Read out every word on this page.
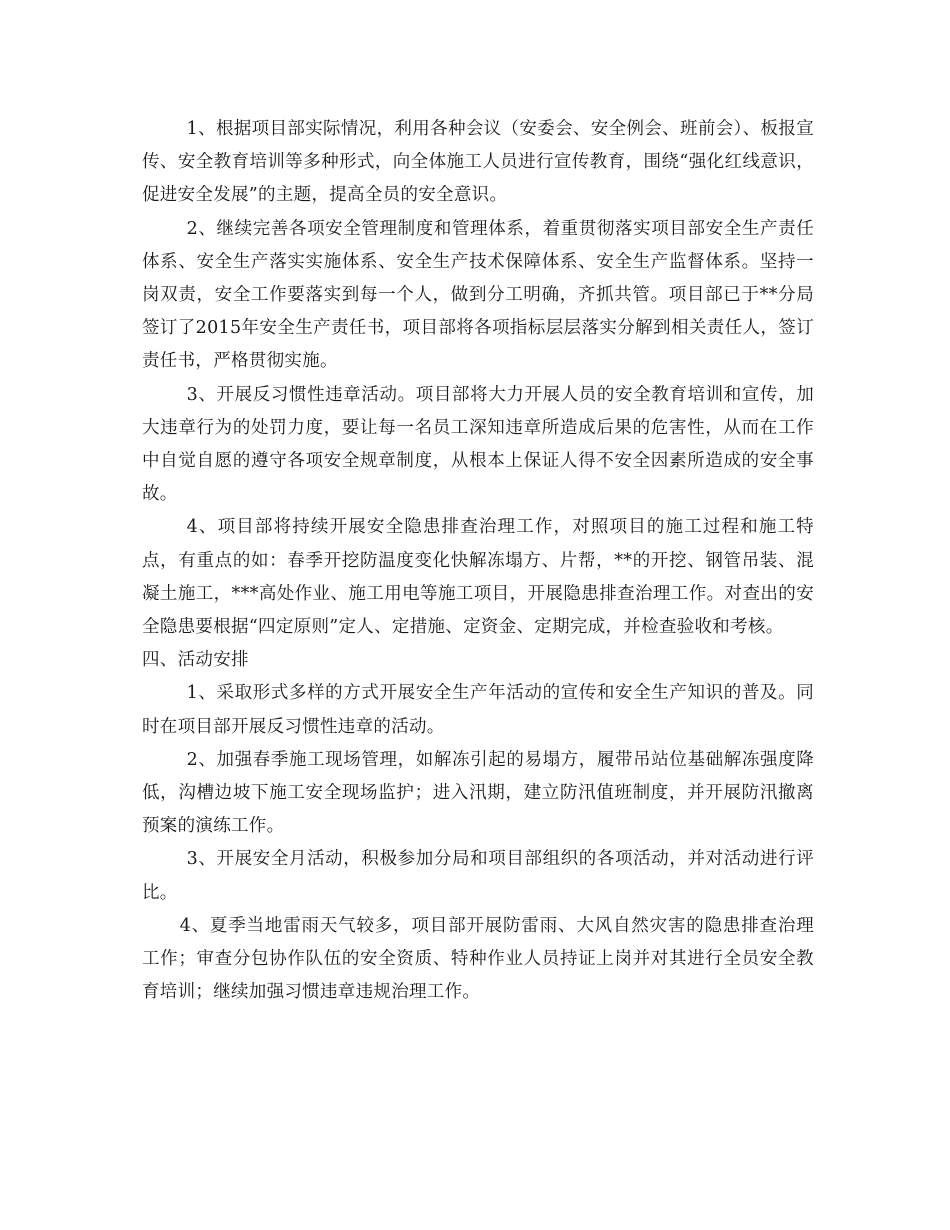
1、根据项目部实际情况，利用各种会议（安委会、安全例会、班前会）、板报宣传、安全教育培训等多种形式，向全体施工人员进行宣传教育，围绕“强化红线意识，促进安全发展”的主题，提高全员的安全意识。

2、继续完善各项安全管理制度和管理体系，着重贯彻落实项目部安全生产责任体系、安全生产落实实施体系、安全生产技术保障体系、安全生产监督体系。坚持一岗双责，安全工作要落实到每一个人，做到分工明确，齐抓共管。项目部已于**分局签订了2015年安全生产责任书，项目部将各项指标层层落实分解到相关责任人，签订责任书，严格贯彻实施。

3、开展反习惯性违章活动。项目部将大力开展人员的安全教育培训和宣传，加大违章行为的处罚力度，要让每一名员工深知违章所造成后果的危害性，从而在工作中自觉自愿的遵守各项安全规章制度，从根本上保证人得不安全因素所造成的安全事故。

4、项目部将持续开展安全隐患排查治理工作，对照项目的施工过程和施工特点，有重点的如：春季开挖防温度变化快解冻塌方、片帮，**的开挖、钢管吊装、混凝土施工，***高处作业、施工用电等施工项目，开展隐患排查治理工作。对查出的安全隐患要根据“四定原则”定人、定措施、定资金、定期完成，并检查验收和考核。

四、活动安排

1、采取形式多样的方式开展安全生产年活动的宣传和安全生产知识的普及。同时在项目部开展反习惯性违章的活动。

2、加强春季施工现场管理，如解冻引起的易塌方，履带吊站位基础解冻强度降低，沟槽边坡下施工安全现场监护；进入汛期，建立防汛值班制度，并开展防汛撤离预案的演练工作。

3、开展安全月活动，积极参加分局和项目部组织的各项活动，并对活动进行评比。

4、夏季当地雷雨天气较多，项目部开展防雷雨、大风自然灾害的隐患排查治理工作；审查分包协作队伍的安全资质、特种作业人员持证上岗并对其进行全员安全教育培训；继续加强习惯违章违规治理工作。
